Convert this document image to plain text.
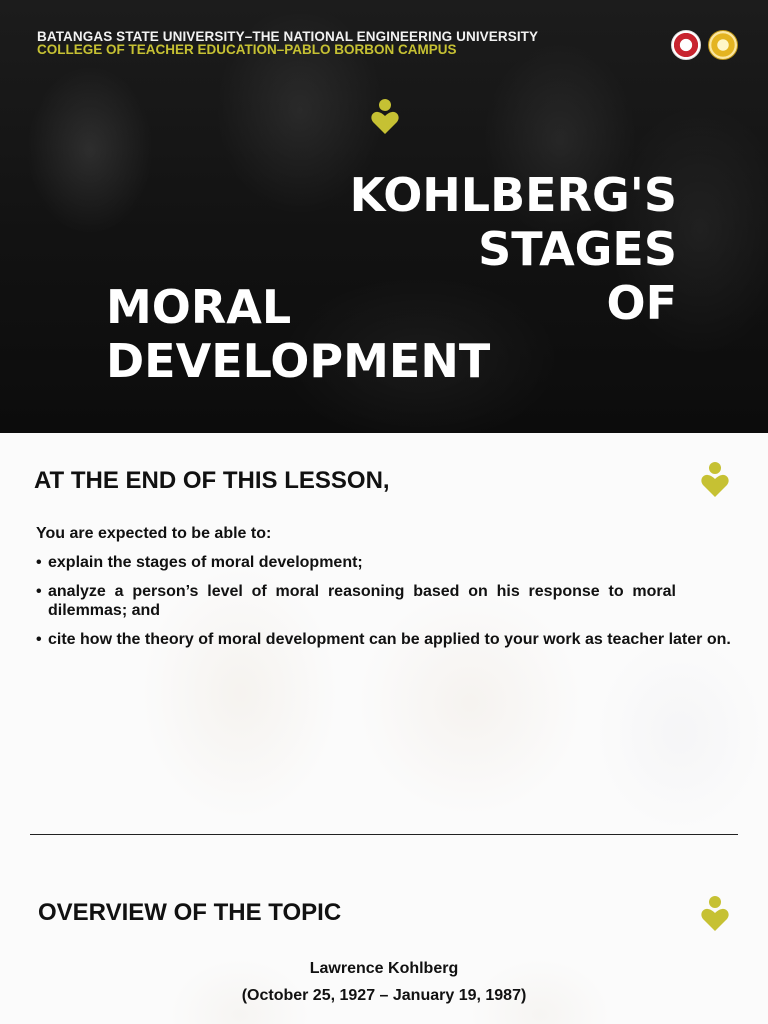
BATANGAS STATE UNIVERSITY–THE NATIONAL ENGINEERING UNIVERSITY

COLLEGE OF TEACHER EDUCATION–PABLO BORBON CAMPUS

KOHLBERG'S STAGES
OF
MORAL
DEVELOPMENT
AT THE END OF THIS LESSON,

You are expected to be able to:

• explain the stages of moral development;
• analyze a person’s level of moral reasoning based on his response to moral dilemmas; and
• cite how the theory of moral development can be applied to your work as teacher later on.
OVERVIEW OF THE TOPIC

Lawrence Kohlberg

(October 25, 1927 – January 19, 1987)
